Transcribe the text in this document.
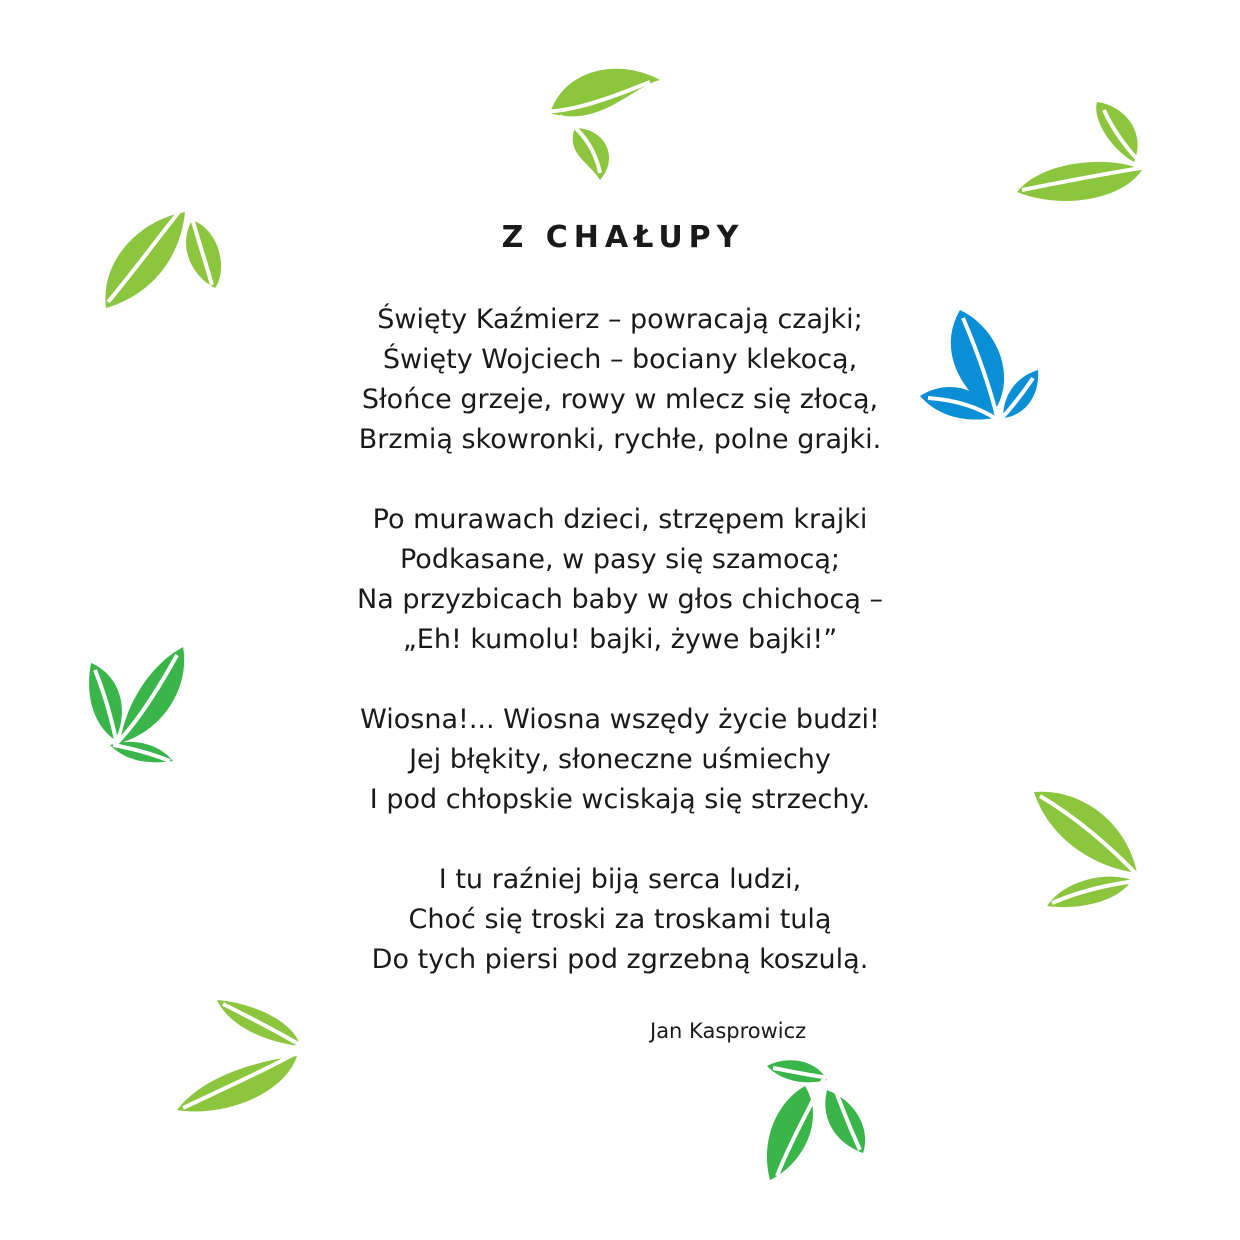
Z CHAŁUPY
Święty Kaźmierz – powracają czajki;
Święty Wojciech – bociany klekocą,
Słońce grzeje, rowy w mlecz się złocą,
Brzmią skowronki, rychłe, polne grajki.
Po murawach dzieci, strzępem krajki
Podkasane, w pasy się szamocą;
Na przyzbicach baby w głos chichocą –
„Eh! kumolu! bajki, żywe bajki!”
Wiosna!... Wiosna wszędy życie budzi!
Jej błękity, słoneczne uśmiechy
I pod chłopskie wciskają się strzechy.
I tu raźniej biją serca ludzi,
Choć się troski za troskami tulą
Do tych piersi pod zgrzebną koszulą.
Jan Kasprowicz
